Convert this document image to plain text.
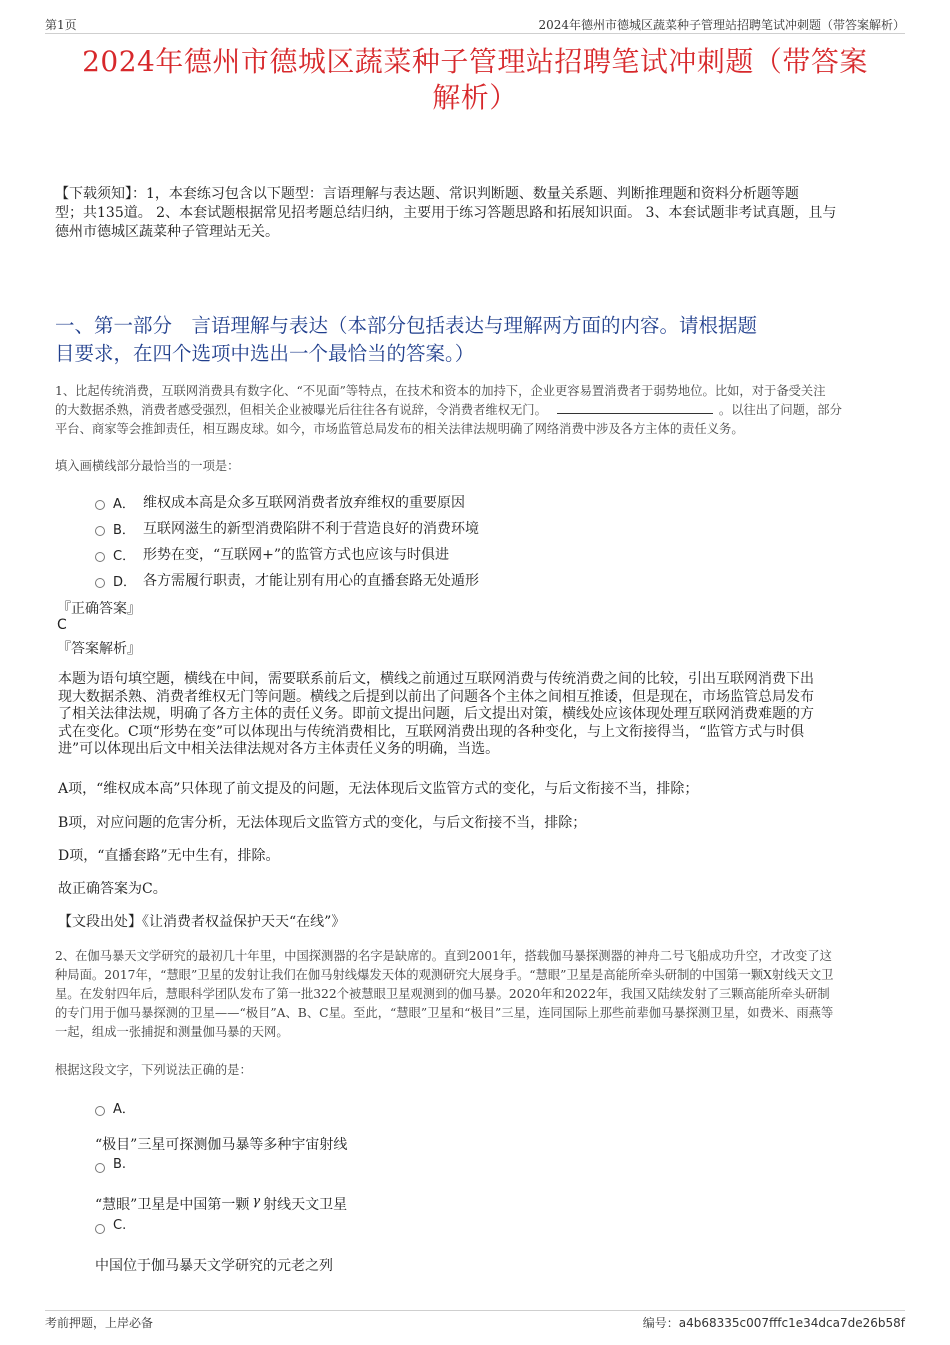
第1页	2024年德州市德城区蔬菜种子管理站招聘笔试冲刺题（带答案解析）
2024年德州市德城区蔬菜种子管理站招聘笔试冲刺题（带答案
解析）
【下载须知】：1，本套练习包含以下题型：言语理解与表达题、常识判断题、数量关系题、判断推理题和资料分析题等题
型；共135道。 2、本套试题根据常见招考题总结归纳，主要用于练习答题思路和拓展知识面。 3、本套试题非考试真题，且与
德州市德城区蔬菜种子管理站无关。
一、第一部分　言语理解与表达（本部分包括表达与理解两方面的内容。请根据题
目要求，在四个选项中选出一个最恰当的答案。）
1、比起传统消费，互联网消费具有数字化、“不见面”等特点，在技术和资本的加持下，企业更容易置消费者于弱势地位。比如，对于备受关注
的大数据杀熟，消费者感受强烈，但相关企业被曝光后往往各有说辞，令消费者维权无门。	。以往出了问题，部分
平台、商家等会推卸责任，相互踢皮球。如今，市场监管总局发布的相关法律法规明确了网络消费中涉及各方主体的责任义务。
填入画横线部分最恰当的一项是：
A． 维权成本高是众多互联网消费者放弃维权的重要原因
B． 互联网滋生的新型消费陷阱不利于营造良好的消费环境
C． 形势在变，“互联网+”的监管方式也应该与时俱进
D． 各方需履行职责，才能让别有用心的直播套路无处遁形
『正确答案』
C
『答案解析』
本题为语句填空题，横线在中间，需要联系前后文，横线之前通过互联网消费与传统消费之间的比较，引出互联网消费下出
现大数据杀熟、消费者维权无门等问题。横线之后提到以前出了问题各个主体之间相互推诿，但是现在，市场监管总局发布
了相关法律法规，明确了各方主体的责任义务。即前文提出问题，后文提出对策，横线处应该体现处理互联网消费难题的方
式在变化。C项“形势在变”可以体现出与传统消费相比，互联网消费出现的各种变化，与上文衔接得当，“监管方式与时俱
进”可以体现出后文中相关法律法规对各方主体责任义务的明确，当选。
A项，“维权成本高”只体现了前文提及的问题，无法体现后文监管方式的变化，与后文衔接不当，排除；
B项，对应问题的危害分析，无法体现后文监管方式的变化，与后文衔接不当，排除；
D项，“直播套路”无中生有，排除。
故正确答案为C。
【文段出处】《让消费者权益保护天天“在线”》
2、在伽马暴天文学研究的最初几十年里，中国探测器的名字是缺席的。直到2001年，搭载伽马暴探测器的神舟二号飞船成功升空，才改变了这
种局面。2017年，“慧眼”卫星的发射让我们在伽马射线爆发天体的观测研究大展身手。“慧眼”卫星是高能所牵头研制的中国第一颗X射线天文卫
星。在发射四年后，慧眼科学团队发布了第一批322个被慧眼卫星观测到的伽马暴。2020年和2022年，我国又陆续发射了三颗高能所牵头研制
的专门用于伽马暴探测的卫星——“极目”A、B、C星。至此，“慧眼”卫星和“极目”三星，连同国际上那些前辈伽马暴探测卫星，如费米、雨燕等
一起，组成一张捕捉和测量伽马暴的天网。
根据这段文字，下列说法正确的是：
A．
“极目”三星可探测伽马暴等多种宇宙射线
B.
“慧眼”卫星是中国第一颗 γ 射线天文卫星
C.
中国位于伽马暴天文学研究的元老之列
考前押题，上岸必备	编号：a4b68335c007fffc1e34dca7de26b58f
